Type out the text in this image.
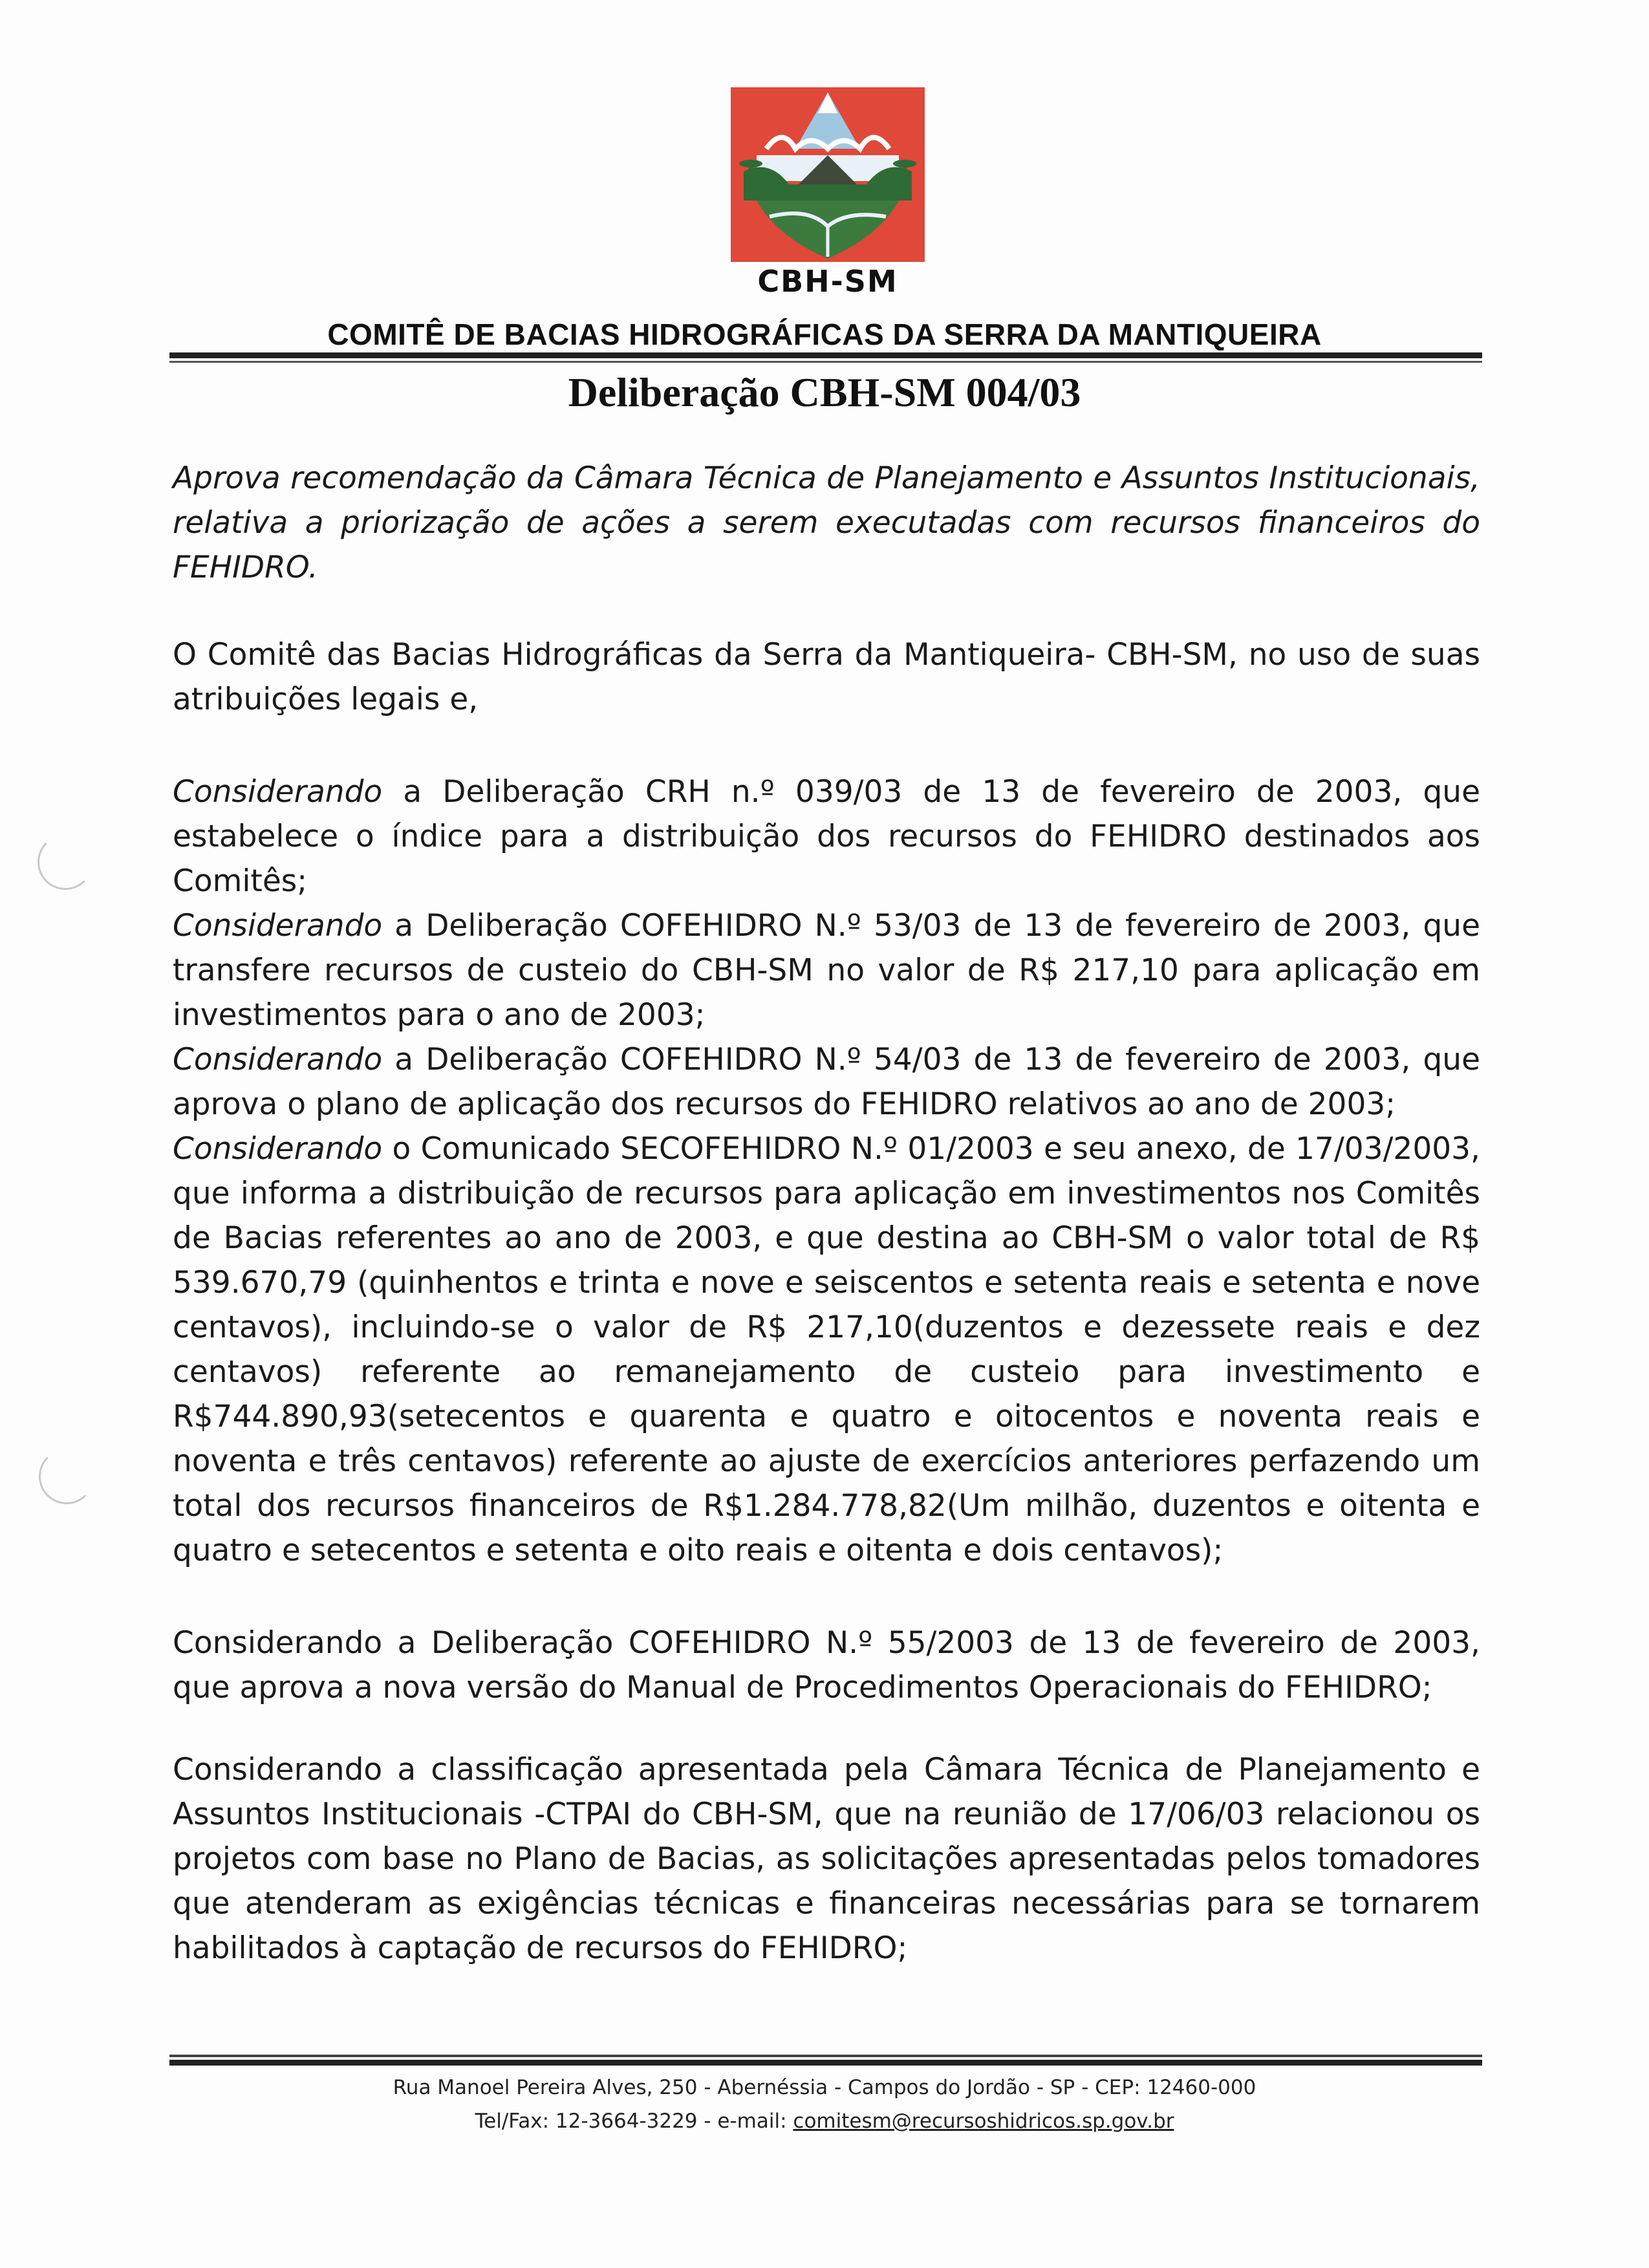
CBH-SM
COMITÊ DE BACIAS HIDROGRÁFICAS DA SERRA DA MANTIQUEIRA
Deliberação CBH-SM 004/03

Aprova recomendação da Câmara Técnica de Planejamento e Assuntos Institucionais, relativa a priorização de ações a serem executadas com recursos financeiros do FEHIDRO.

O Comitê das Bacias Hidrográficas da Serra da Mantiqueira- CBH-SM, no uso de suas atribuições legais e,

Considerando a Deliberação CRH n.º 039/03 de 13 de fevereiro de 2003, que estabelece o índice para a distribuição dos recursos do FEHIDRO destinados aos Comitês;

Considerando a Deliberação COFEHIDRO N.º 53/03 de 13 de fevereiro de 2003, que transfere recursos de custeio do CBH-SM no valor de R$ 217,10 para aplicação em investimentos para o ano de 2003;

Considerando a Deliberação COFEHIDRO N.º 54/03 de 13 de fevereiro de 2003, que aprova o plano de aplicação dos recursos do FEHIDRO relativos ao ano de 2003;

Considerando o Comunicado SECOFEHIDRO N.º 01/2003 e seu anexo, de 17/03/2003, que informa a distribuição de recursos para aplicação em investimentos nos Comitês de Bacias referentes ao ano de 2003, e que destina ao CBH-SM o valor total de R$ 539.670,79 (quinhentos e trinta e nove e seiscentos e setenta reais e setenta e nove centavos), incluindo-se o valor de R$ 217,10(duzentos e dezessete reais e dez centavos) referente ao remanejamento de custeio para investimento e R$744.890,93(setecentos e quarenta e quatro e oitocentos e noventa reais e noventa e três centavos) referente ao ajuste de exercícios anteriores perfazendo um total dos recursos financeiros de R$1.284.778,82(Um milhão, duzentos e oitenta e quatro e setecentos e setenta e oito reais e oitenta e dois centavos);

Considerando a Deliberação COFEHIDRO N.º 55/2003 de 13 de fevereiro de 2003, que aprova a nova versão do Manual de Procedimentos Operacionais do FEHIDRO;

Considerando a classificação apresentada pela Câmara Técnica de Planejamento e Assuntos Institucionais -CTPAI do CBH-SM, que na reunião de 17/06/03 relacionou os projetos com base no Plano de Bacias, as solicitações apresentadas pelos tomadores que atenderam as exigências técnicas e financeiras necessárias para se tornarem habilitados à captação de recursos do FEHIDRO;

Rua Manoel Pereira Alves, 250 - Abernéssia - Campos do Jordão - SP - CEP: 12460-000
Tel/Fax: 12-3664-3229 - e-mail: comitesm@recursoshidricos.sp.gov.br
